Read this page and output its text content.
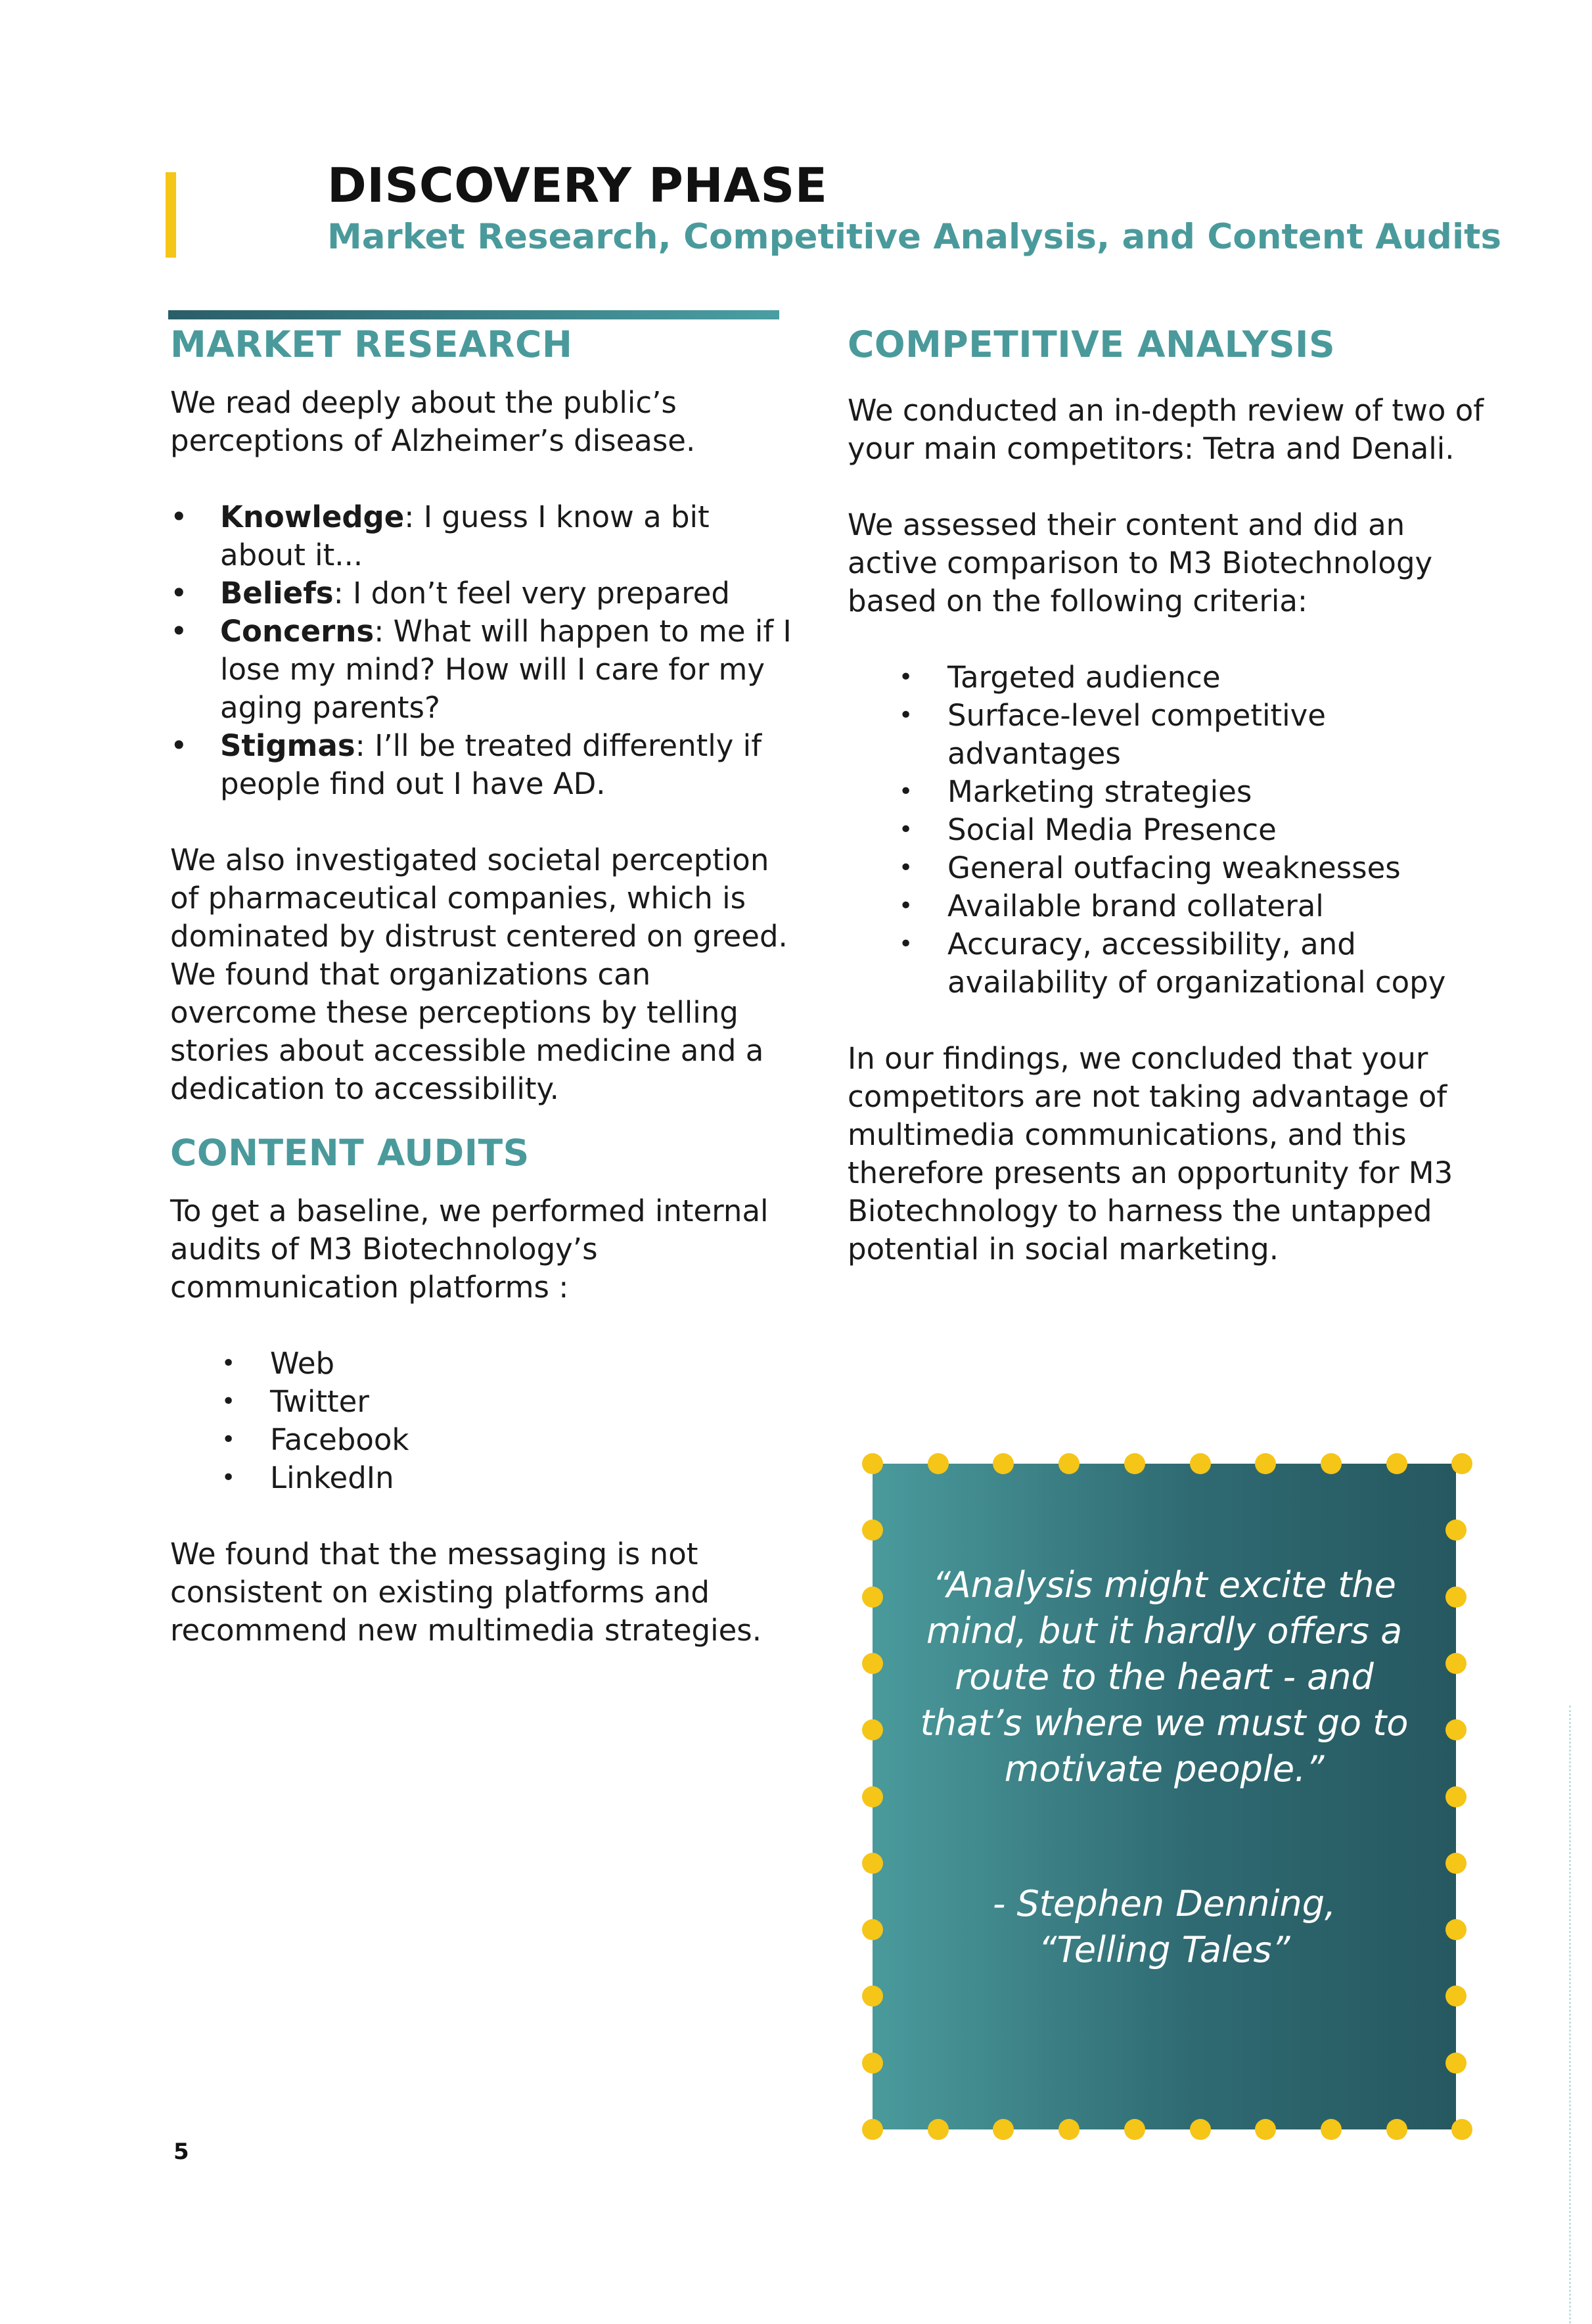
DISCOVERY PHASE
Market Research, Competitive Analysis, and Content Audits
MARKET RESEARCH

We read deeply about the public’s perceptions of Alzheimer’s disease.

• Knowledge: I guess I know a bit about it...
• Beliefs: I don’t feel very prepared
• Concerns: What will happen to me if I lose my mind? How will I care for my aging parents?
• Stigmas: I’ll be treated differently if people find out I have AD.

We also investigated societal perception of pharmaceutical companies, which is dominated by distrust centered on greed. We found that organizations can overcome these perceptions by telling stories about accessible medicine and a dedication to accessibility.

CONTENT AUDITS

To get a baseline, we performed internal audits of M3 Biotechnology’s communication platforms :

• Web
• Twitter
• Facebook
• LinkedIn

We found that the messaging is not consistent on existing platforms and recommend new multimedia strategies.

COMPETITIVE ANALYSIS

We conducted an in-depth review of two of your main competitors: Tetra and Denali.

We assessed their content and did an active comparison to M3 Biotechnology based on the following criteria:

• Targeted audience
• Surface-level competitive advantages
• Marketing strategies
• Social Media Presence
• General outfacing weaknesses
• Available brand collateral
• Accuracy, accessibility, and availability of organizational copy

In our findings, we concluded that your competitors are not taking advantage of multimedia communications, and this therefore presents an opportunity for M3 Biotechnology to harness the untapped potential in social marketing.

“Analysis might excite the mind, but it hardly offers a route to the heart - and that’s where we must go to motivate people.”
- Stephen Denning,
“Telling Tales”
5
